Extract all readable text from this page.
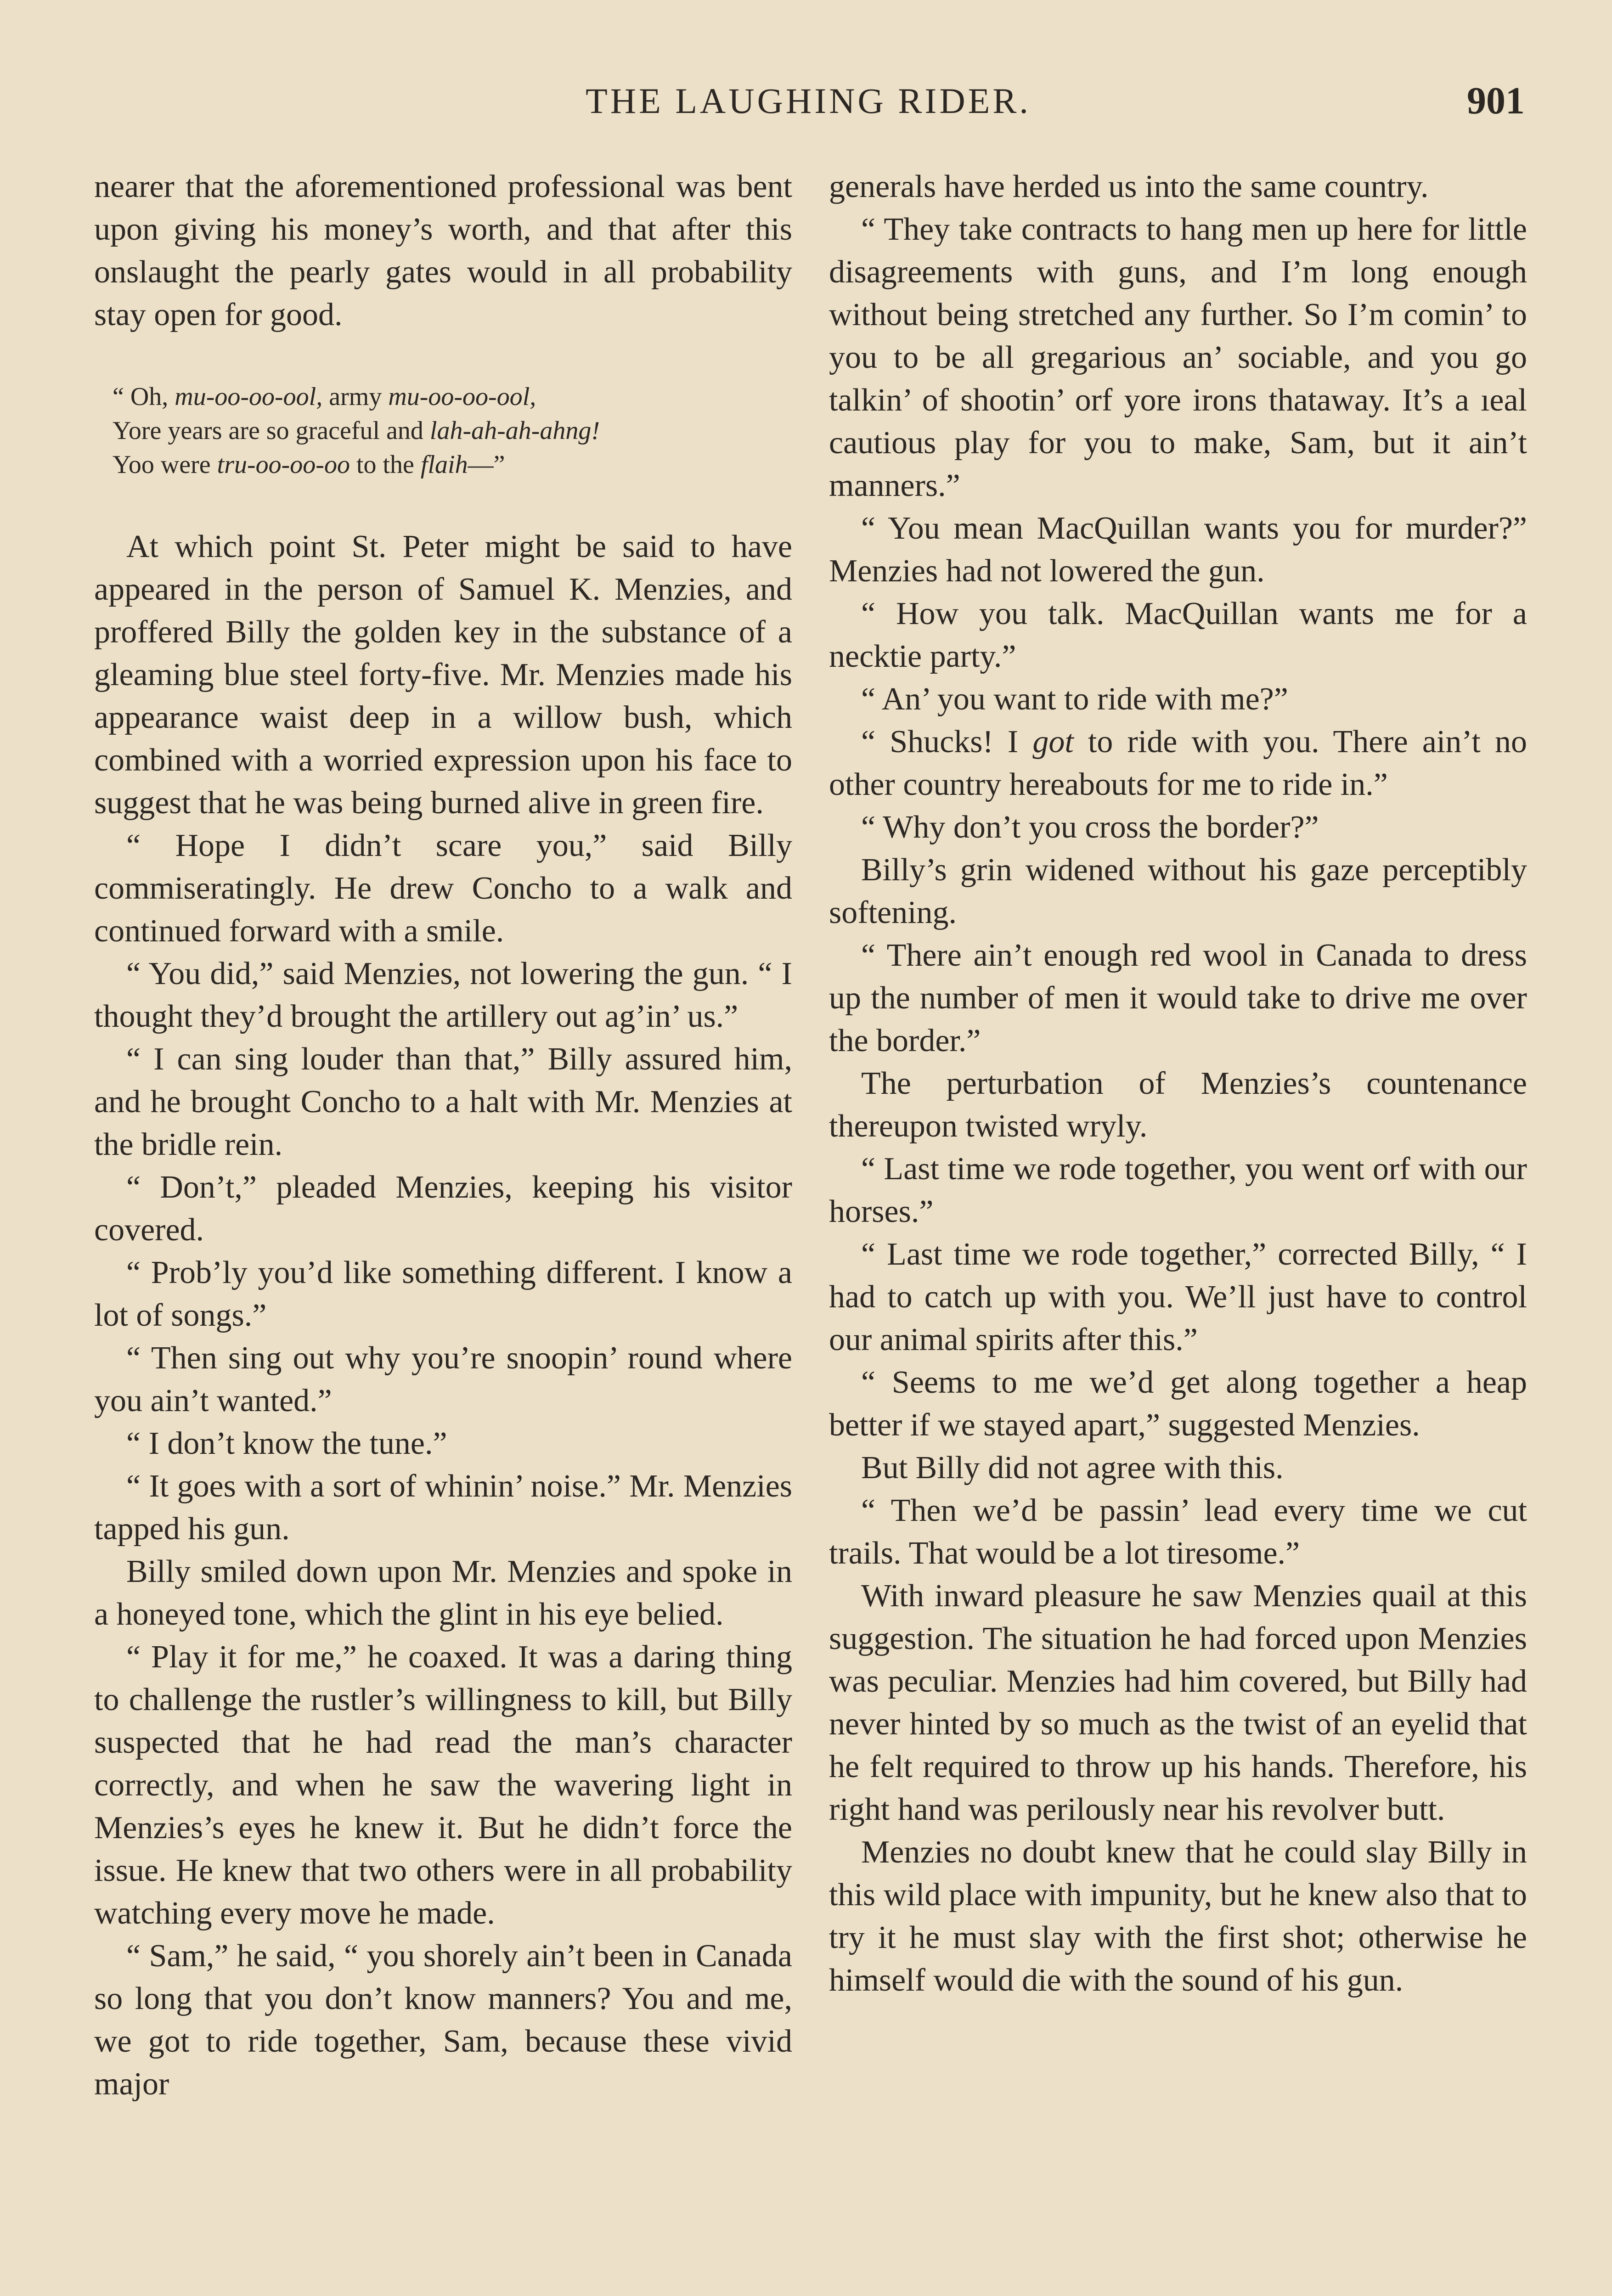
THE LAUGHING RIDER.	901

nearer that the aforementioned professional was bent upon giving his money’s worth, and that after this onslaught the pearly gates would in all probability stay open for good.

“ Oh, mu-oo-oo-ool, army mu-oo-oo-ool,
Yore years are so graceful and lah-ah-ah-ahng!
Yoo were tru-oo-oo-oo to the flaih—”

At which point St. Peter might be said to have appeared in the person of Samuel K. Menzies, and proffered Billy the golden key in the substance of a gleaming blue steel forty-five. Mr. Menzies made his appearance waist deep in a willow bush, which combined with a worried expression upon his face to suggest that he was being burned alive in green fire.

“ Hope I didn’t scare you,” said Billy commiseratingly. He drew Concho to a walk and continued forward with a smile.

“ You did,” said Menzies, not lowering the gun. “ I thought they’d brought the artillery out ag’in’ us.”

“ I can sing louder than that,” Billy assured him, and he brought Concho to a halt with Mr. Menzies at the bridle rein.

“ Don’t,” pleaded Menzies, keeping his visitor covered.

“ Prob’ly you’d like something different. I know a lot of songs.”

“ Then sing out why you’re snoopin’ round where you ain’t wanted.”

“ I don’t know the tune.”

“ It goes with a sort of whinin’ noise.” Mr. Menzies tapped his gun.

Billy smiled down upon Mr. Menzies and spoke in a honeyed tone, which the glint in his eye belied.

“ Play it for me,” he coaxed. It was a daring thing to challenge the rustler’s willingness to kill, but Billy suspected that he had read the man’s character correctly, and when he saw the wavering light in Menzies’s eyes he knew it. But he didn’t force the issue. He knew that two others were in all probability watching every move he made.

“ Sam,” he said, “ you shorely ain’t been in Canada so long that you don’t know manners? You and me, we got to ride together, Sam, because these vivid major

generals have herded us into the same country.

“ They take contracts to hang men up here for little disagreements with guns, and I’m long enough without being stretched any further. So I’m comin’ to you to be all gregarious an’ sociable, and you go talkin’ of shootin’ orf yore irons thataway. It’s a ıeal cautious play for you to make, Sam, but it ain’t manners.”

“ You mean MacQuillan wants you for murder?” Menzies had not lowered the gun.

“ How you talk. MacQuillan wants me for a necktie party.”

“ An’ you want to ride with me?”

“ Shucks! I got to ride with you. There ain’t no other country hereabouts for me to ride in.”

“ Why don’t you cross the border?”

Billy’s grin widened without his gaze perceptibly softening.

“ There ain’t enough red wool in Canada to dress up the number of men it would take to drive me over the border.”

The perturbation of Menzies’s countenance thereupon twisted wryly.

“ Last time we rode together, you went orf with our horses.”

“ Last time we rode together,” corrected Billy, “ I had to catch up with you. We’ll just have to control our animal spirits after this.”

“ Seems to me we’d get along together a heap better if we stayed apart,” suggested Menzies.

But Billy did not agree with this.

“ Then we’d be passin’ lead every time we cut trails. That would be a lot tiresome.”

With inward pleasure he saw Menzies quail at this suggestion. The situation he had forced upon Menzies was peculiar. Menzies had him covered, but Billy had never hinted by so much as the twist of an eyelid that he felt required to throw up his hands. Therefore, his right hand was perilously near his revolver butt.

Menzies no doubt knew that he could slay Billy in this wild place with impunity, but he knew also that to try it he must slay with the first shot; otherwise he himself would die with the sound of his gun.
